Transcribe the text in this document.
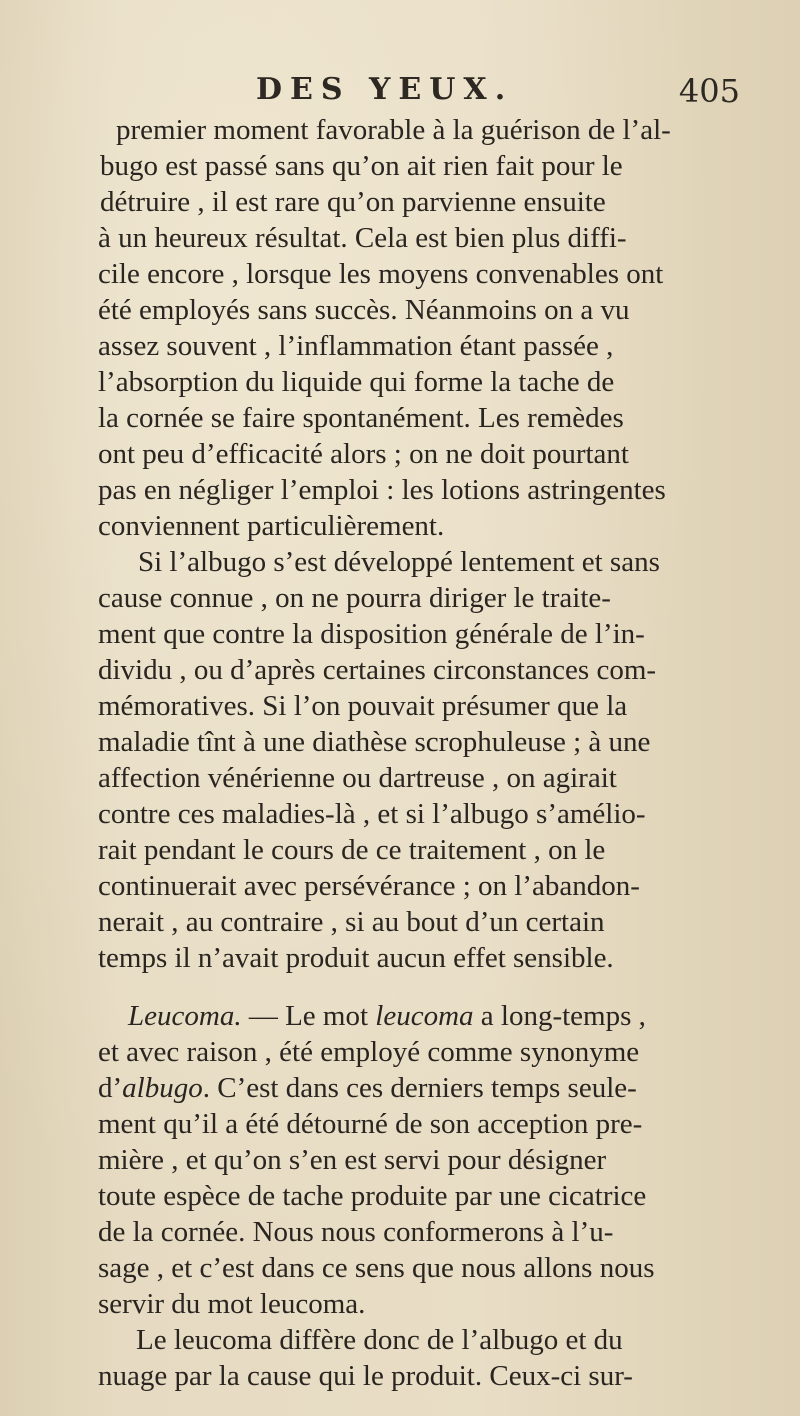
DES YEUX.	405
premier moment favorable à la guérison de l’al-
bugo est passé sans qu’on ait rien fait pour le
détruire , il est rare qu’on parvienne ensuite
à un heureux résultat. Cela est bien plus diffi-
cile encore , lorsque les moyens convenables ont
été employés sans succès. Néanmoins on a vu
assez souvent , l’inflammation étant passée ,
l’absorption du liquide qui forme la tache de
la cornée se faire spontanément. Les remèdes
ont peu d’efficacité alors ; on ne doit pourtant
pas en négliger l’emploi : les lotions astringentes
conviennent particulièrement.
Si l’albugo s’est développé lentement et sans
cause connue , on ne pourra diriger le traite-
ment que contre la disposition générale de l’in-
dividu , ou d’après certaines circonstances com-
mémoratives. Si l’on pouvait présumer que la
maladie tînt à une diathèse scrophuleuse ; à une
affection vénérienne ou dartreuse , on agirait
contre ces maladies-là , et si l’albugo s’amélio-
rait pendant le cours de ce traitement , on le
continuerait avec persévérance ; on l’abandon-
nerait , au contraire , si au bout d’un certain
temps il n’avait produit aucun effet sensible.
Leucoma. — Le mot leucoma a long-temps ,
et avec raison , été employé comme synonyme
d’albugo. C’est dans ces derniers temps seule-
ment qu’il a été détourné de son acception pre-
mière , et qu’on s’en est servi pour désigner
toute espèce de tache produite par une cicatrice
de la cornée. Nous nous conformerons à l’u-
sage , et c’est dans ce sens que nous allons nous
servir du mot leucoma.
Le leucoma diffère donc de l’albugo et du
nuage par la cause qui le produit. Ceux-ci sur-
